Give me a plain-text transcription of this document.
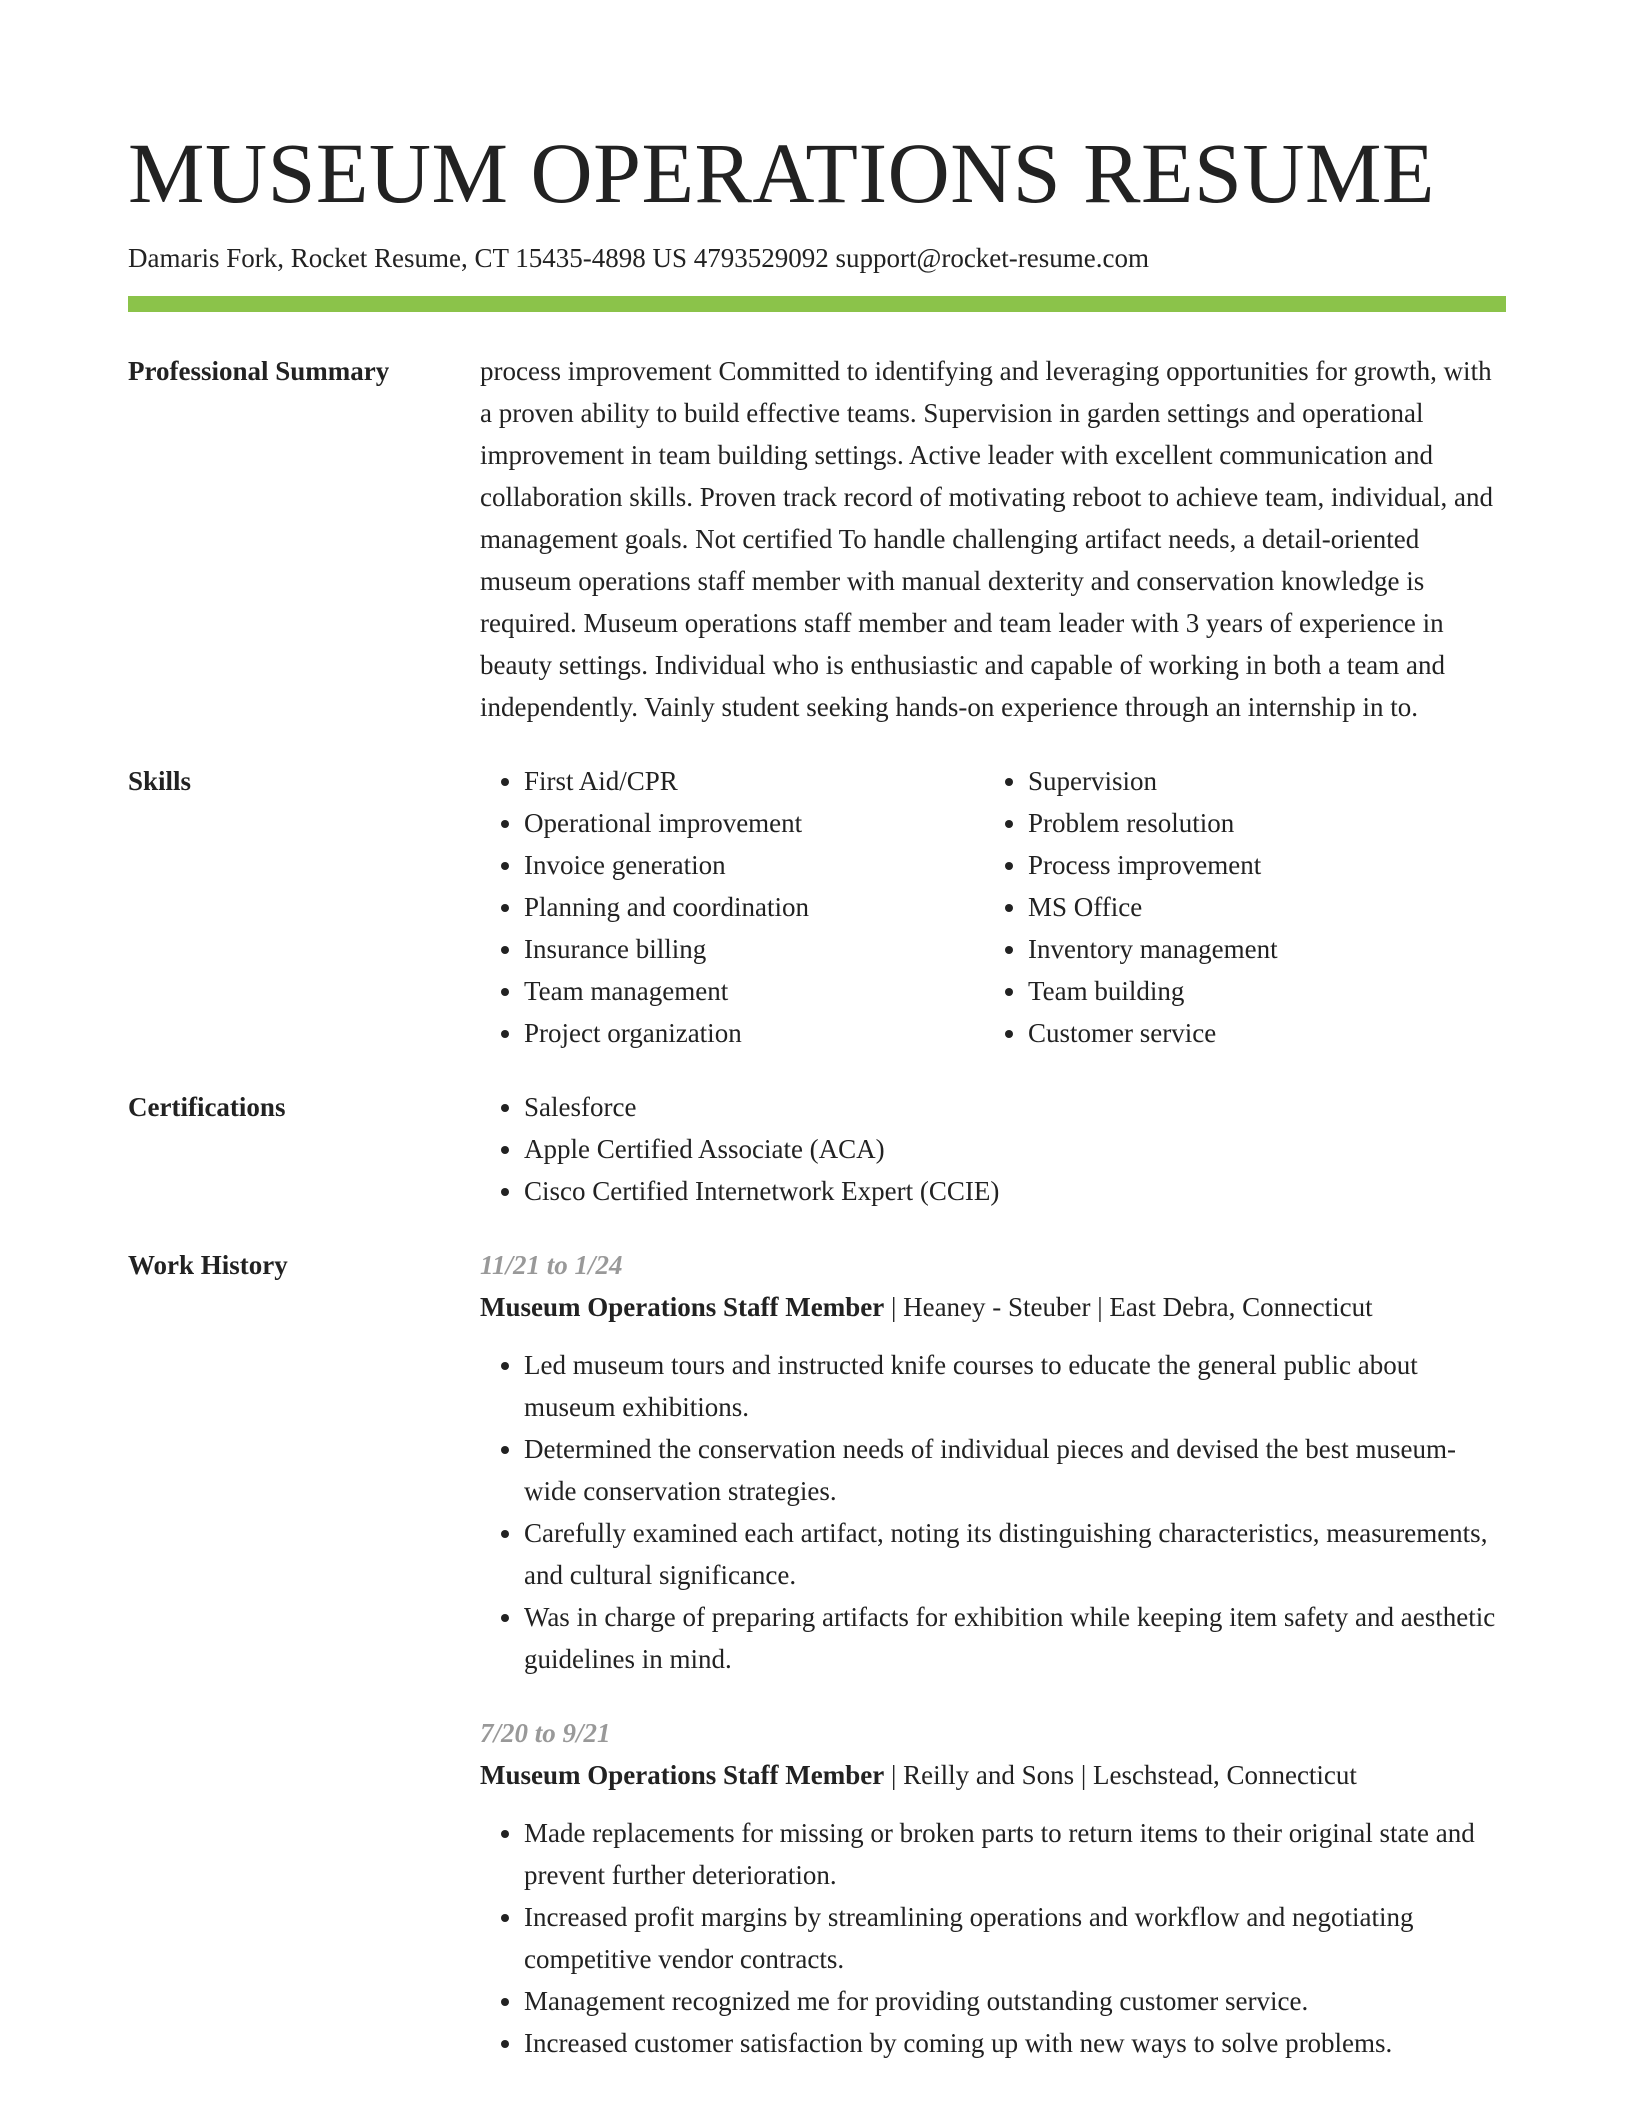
MUSEUM OPERATIONS RESUME
Damaris Fork, Rocket Resume, CT 15435-4898 US 4793529092 support@rocket-resume.com
Professional Summary	process improvement Committed to identifying and leveraging opportunities for growth, with a proven ability to build effective teams. Supervision in garden settings and operational improvement in team building settings. Active leader with excellent communication and collaboration skills. Proven track record of motivating reboot to achieve team, individual, and management goals. Not certified To handle challenging artifact needs, a detail-oriented museum operations staff member with manual dexterity and conservation knowledge is required. Museum operations staff member and team leader with 3 years of experience in beauty settings. Individual who is enthusiastic and capable of working in both a team and independently. Vainly student seeking hands-on experience through an internship in to.

Skills	• First Aid/CPR
• Operational improvement
• Invoice generation
• Planning and coordination
• Insurance billing
• Team management
• Project organization
• Supervision
• Problem resolution
• Process improvement
• MS Office
• Inventory management
• Team building
• Customer service
Certifications	• Salesforce
• Apple Certified Associate (ACA)
• Cisco Certified Internetwork Expert (CCIE)
Work History	11/21 to 1/24
Museum Operations Staff Member | Heaney - Steuber | East Debra, Connecticut
• Led museum tours and instructed knife courses to educate the general public about museum exhibitions.
• Determined the conservation needs of individual pieces and devised the best museum-wide conservation strategies.
• Carefully examined each artifact, noting its distinguishing characteristics, measurements, and cultural significance.
• Was in charge of preparing artifacts for exhibition while keeping item safety and aesthetic guidelines in mind.
7/20 to 9/21
Museum Operations Staff Member | Reilly and Sons | Leschstead, Connecticut
• Made replacements for missing or broken parts to return items to their original state and prevent further deterioration.
• Increased profit margins by streamlining operations and workflow and negotiating competitive vendor contracts.
• Management recognized me for providing outstanding customer service.
• Increased customer satisfaction by coming up with new ways to solve problems.
